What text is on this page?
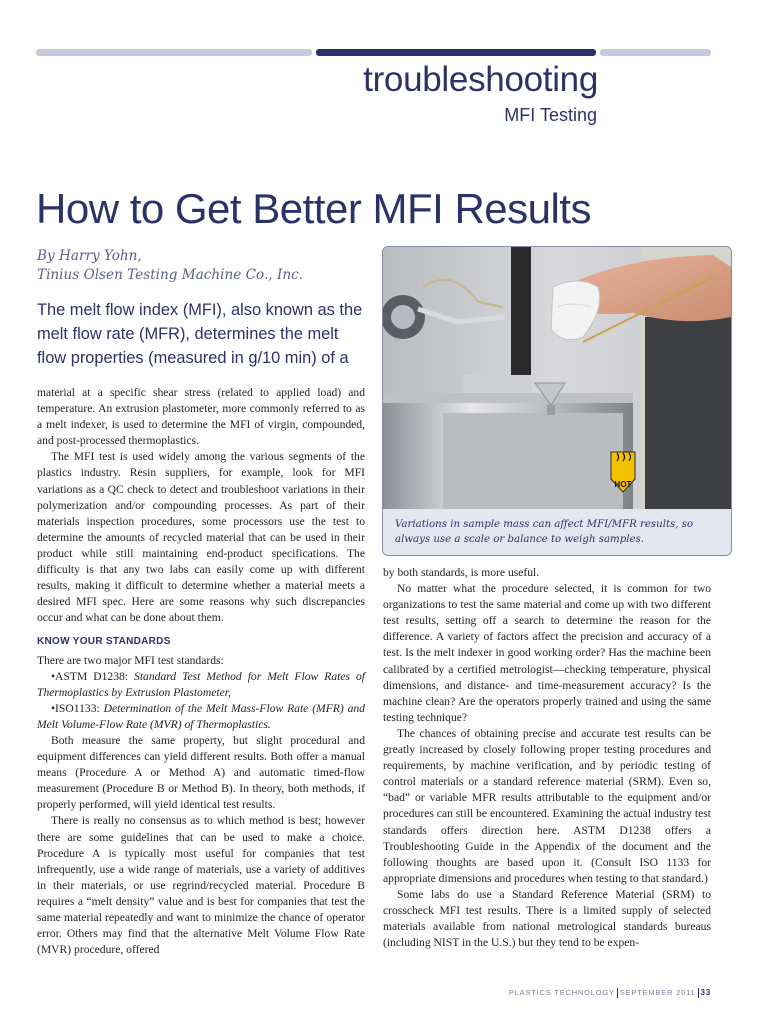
troubleshooting
MFI Testing
How to Get Better MFI Results
By Harry Yohn,
Tinius Olsen Testing Machine Co., Inc.
The melt flow index (MFI), also known as the melt flow rate (MFR), determines the melt flow properties (measured in g/10 min) of a

material at a specific shear stress (related to applied load) and temperature. An extrusion plastometer, more commonly referred to as a melt indexer, is used to determine the MFI of virgin, compounded, and post-processed thermoplastics.

The MFI test is used widely among the various segments of the plastics industry. Resin suppliers, for example, look for MFI variations as a QC check to detect and troubleshoot variations in their polymerization and/or compounding processes. As part of their materials inspection procedures, some processors use the test to determine the amounts of recycled material that can be used in their product while still maintaining end-product specifications. The difficulty is that any two labs can easily come up with different results, making it difficult to determine whether a material meets a desired MFI spec. Here are some reasons why such discrepancies occur and what can be done about them.

KNOW YOUR STANDARDS

There are two major MFI test standards:

•ASTM D1238: Standard Test Method for Melt Flow Rates of Thermoplastics by Extrusion Plastometer,

•ISO1133: Determination of the Melt Mass-Flow Rate (MFR) and Melt Volume-Flow Rate (MVR) of Thermoplastics.

Both measure the same property, but slight procedural and equipment differences can yield different results. Both offer a manual means (Procedure A or Method A) and automatic timed-flow measurement (Procedure B or Method B). In theory, both methods, if properly performed, will yield identical test results.

There is really no consensus as to which method is best; however there are some guidelines that can be used to make a choice. Procedure A is typically most useful for companies that test infrequently, use a wide range of materials, use a variety of additives in their materials, or use regrind/recycled material. Procedure B requires a “melt density” value and is best for companies that test the same material repeatedly and want to minimize the chance of operator error. Others may find that the alternative Melt Volume Flow Rate (MVR) procedure, offered

HOT
Variations in sample mass can affect MFI/MFR results, so always use a scale or balance to weigh samples.

by both standards, is more useful.

No matter what the procedure selected, it is common for two organizations to test the same material and come up with two different test results, setting off a search to determine the reason for the difference. A variety of factors affect the precision and accuracy of a test. Is the melt indexer in good working order? Has the machine been calibrated by a certified metrologist—checking temperature, physical dimensions, and distance- and time-measurement accuracy? Is the machine clean? Are the operators properly trained and using the same testing technique?

The chances of obtaining precise and accurate test results can be greatly increased by closely following proper testing procedures and requirements, by machine verification, and by periodic testing of control materials or a standard reference material (SRM). Even so, “bad” or variable MFR results attributable to the equipment and/or procedures can still be encountered. Examining the actual industry test standards offers direction here. ASTM D1238 offers a Troubleshooting Guide in the Appendix of the document and the following thoughts are based upon it. (Consult ISO 1133 for appropriate dimensions and procedures when testing to that standard.)

Some labs do use a Standard Reference Material (SRM) to crosscheck MFI test results. There is a limited supply of selected materials available from national metrological standards bureaus (including NIST in the U.S.) but they tend to be expen-

PLASTICS TECHNOLOGY SEPTEMBER 2011 33
